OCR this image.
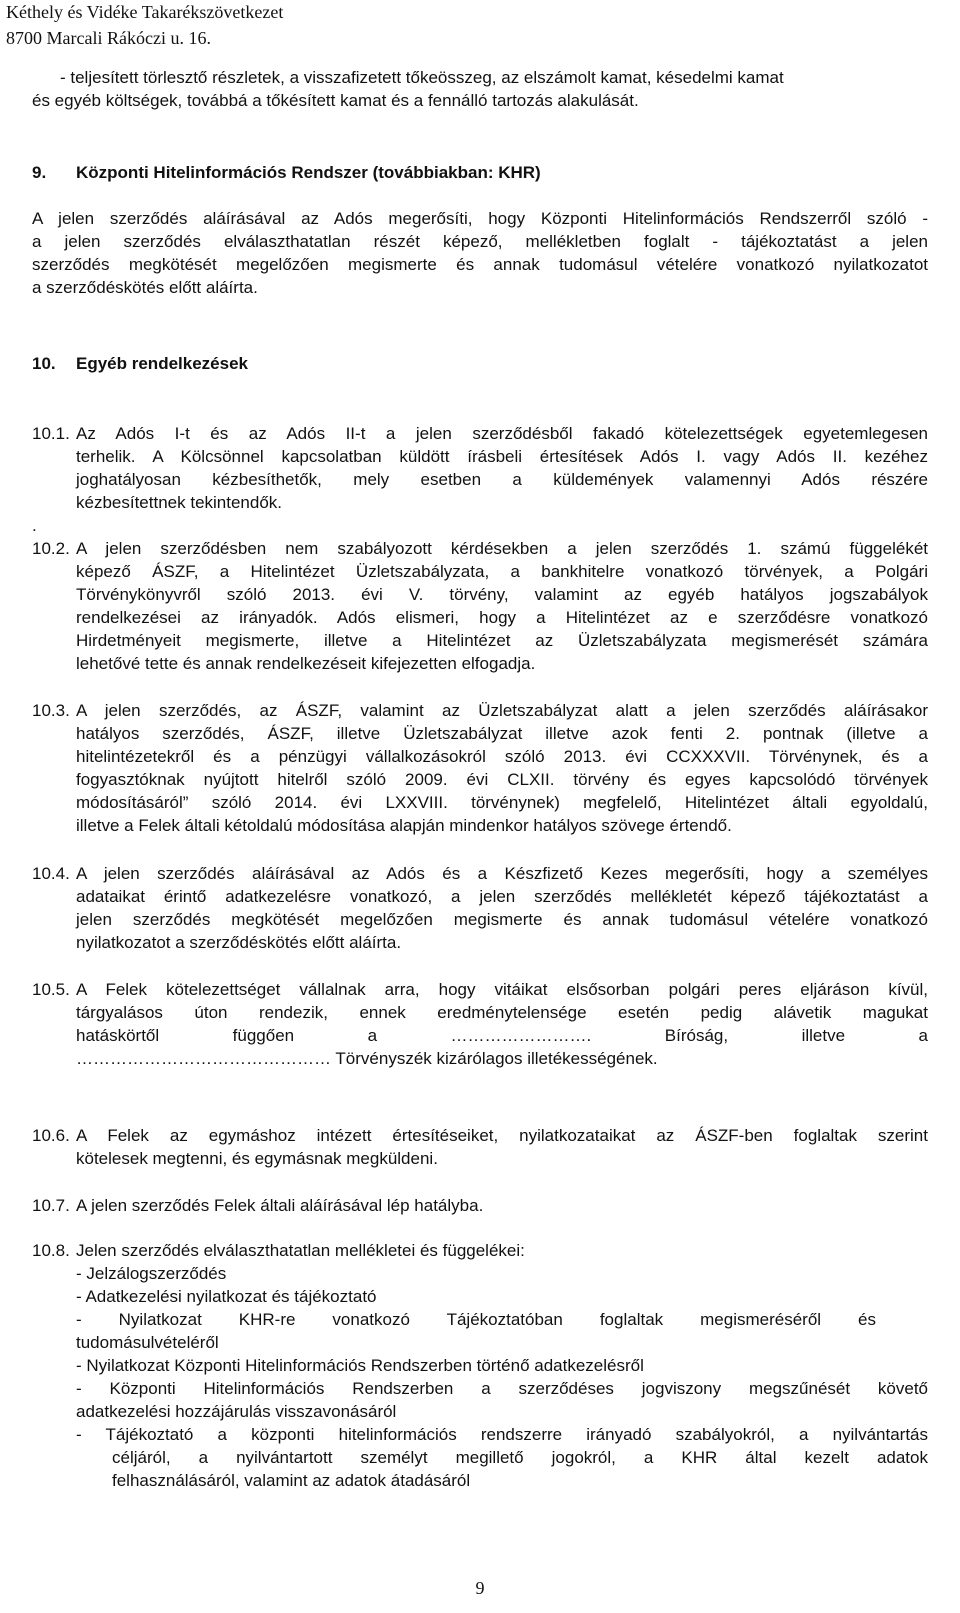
Kéthely és Vidéke Takarékszövetkezet
8700 Marcali Rákóczi u. 16.
- teljesített törlesztő részletek, a visszafizetett tőkeösszeg, az elszámolt kamat, késedelmi kamat
és egyéb költségek, továbbá a tőkésített kamat és a fennálló tartozás alakulását.
9. Központi Hitelinformációs Rendszer (továbbiakban: KHR)
A jelen szerződés aláírásával az Adós megerősíti, hogy Központi Hitelinformációs Rendszerről szóló -
a jelen szerződés elválaszthatatlan részét képező, mellékletben foglalt - tájékoztatást a jelen
szerződés megkötését megelőzően megismerte és annak tudomásul vételére vonatkozó nyilatkozatot
a szerződéskötés előtt aláírta.
10. Egyéb rendelkezések
10.1. Az Adós I-t és az Adós II-t a jelen szerződésből fakadó kötelezettségek egyetemlegesen
terhelik. A Kölcsönnel kapcsolatban küldött írásbeli értesítések Adós I. vagy Adós II. kezéhez
joghatályosan kézbesíthetők, mely esetben a küldemények valamennyi Adós részére
kézbesítettnek tekintendők.
.
10.2. A jelen szerződésben nem szabályozott kérdésekben a jelen szerződés 1. számú függelékét
képező ÁSZF, a Hitelintézet Üzletszabályzata, a bankhitelre vonatkozó törvények, a Polgári
Törvénykönyvről szóló 2013. évi V. törvény, valamint az egyéb hatályos jogszabályok
rendelkezései az irányadók. Adós elismeri, hogy a Hitelintézet az e szerződésre vonatkozó
Hirdetményeit megismerte, illetve a Hitelintézet az Üzletszabályzata megismerését számára
lehetővé tette és annak rendelkezéseit kifejezetten elfogadja.
10.3. A jelen szerződés, az ÁSZF, valamint az Üzletszabályzat alatt a jelen szerződés aláírásakor
hatályos szerződés, ÁSZF, illetve Üzletszabályzat illetve azok fenti 2. pontnak (illetve a
hitelintézetekről és a pénzügyi vállalkozásokról szóló 2013. évi CCXXXVII. Törvénynek, és a
fogyasztóknak nyújtott hitelről szóló 2009. évi CLXII. törvény és egyes kapcsolódó törvények
módosításáról” szóló 2014. évi LXXVIII. törvénynek) megfelelő, Hitelintézet általi egyoldalú,
illetve a Felek általi kétoldalú módosítása alapján mindenkor hatályos szövege értendő.
10.4. A jelen szerződés aláírásával az Adós és a Készfizető Kezes megerősíti, hogy a személyes
adataikat érintő adatkezelésre vonatkozó, a jelen szerződés mellékletét képező tájékoztatást a
jelen szerződés megkötését megelőzően megismerte és annak tudomásul vételére vonatkozó
nyilatkozatot a szerződéskötés előtt aláírta.
10.5. A Felek kötelezettséget vállalnak arra, hogy vitáikat elsősorban polgári peres eljáráson kívül,
tárgyalásos úton rendezik, ennek eredménytelensége esetén pedig alávetik magukat
hatáskörtől függően a ……………………. Bíróság, illetve a
……………………………………… Törvényszék kizárólagos illetékességének.
10.6. A Felek az egymáshoz intézett értesítéseiket, nyilatkozataikat az ÁSZF-ben foglaltak szerint
kötelesek megtenni, és egymásnak megküldeni.
10.7. A jelen szerződés Felek általi aláírásával lép hatályba.
10.8. Jelen szerződés elválaszthatatlan mellékletei és függelékei:
- Jelzálogszerződés
- Adatkezelési nyilatkozat és tájékoztató
- Nyilatkozat KHR-re vonatkozó Tájékoztatóban foglaltak megismeréséről és
tudomásulvételéről
- Nyilatkozat Központi Hitelinformációs Rendszerben történő adatkezelésről
- Központi Hitelinformációs Rendszerben a szerződéses jogviszony megszűnését követő
adatkezelési hozzájárulás visszavonásáról
- Tájékoztató a központi hitelinformációs rendszerre irányadó szabályokról, a nyilvántartás
céljáról, a nyilvántartott személyt megillető jogokról, a KHR által kezelt adatok
felhasználásáról, valamint az adatok átadásáról
9
